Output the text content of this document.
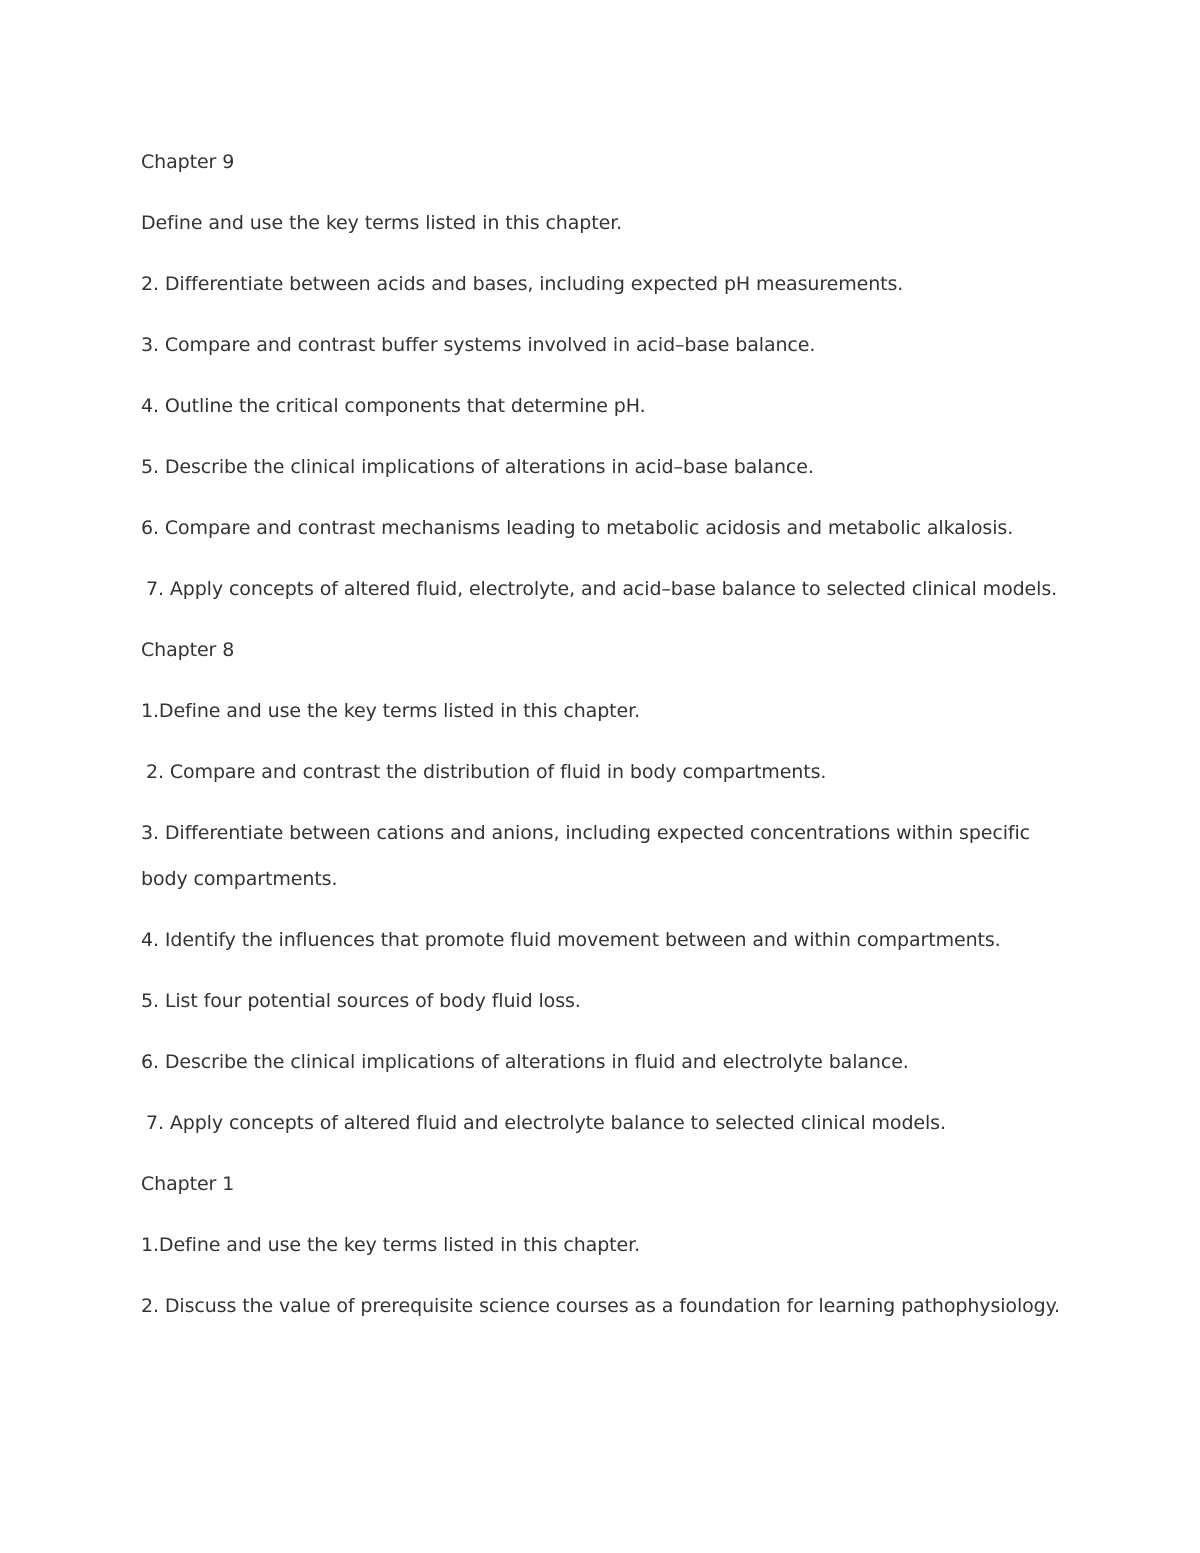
Chapter 9

Define and use the key terms listed in this chapter.

2. Differentiate between acids and bases, including expected pH measurements.

3. Compare and contrast buffer systems involved in acid–base balance.

4. Outline the critical components that determine pH.

5. Describe the clinical implications of alterations in acid–base balance.

6. Compare and contrast mechanisms leading to metabolic acidosis and metabolic alkalosis.

7. Apply concepts of altered fluid, electrolyte, and acid–base balance to selected clinical models.

Chapter 8

1.Define and use the key terms listed in this chapter.

2. Compare and contrast the distribution of fluid in body compartments.

3. Differentiate between cations and anions, including expected concentrations within specific body compartments.

4. Identify the influences that promote fluid movement between and within compartments.

5. List four potential sources of body fluid loss.

6. Describe the clinical implications of alterations in fluid and electrolyte balance.

7. Apply concepts of altered fluid and electrolyte balance to selected clinical models.

Chapter 1

1.Define and use the key terms listed in this chapter.

2. Discuss the value of prerequisite science courses as a foundation for learning pathophysiology.
